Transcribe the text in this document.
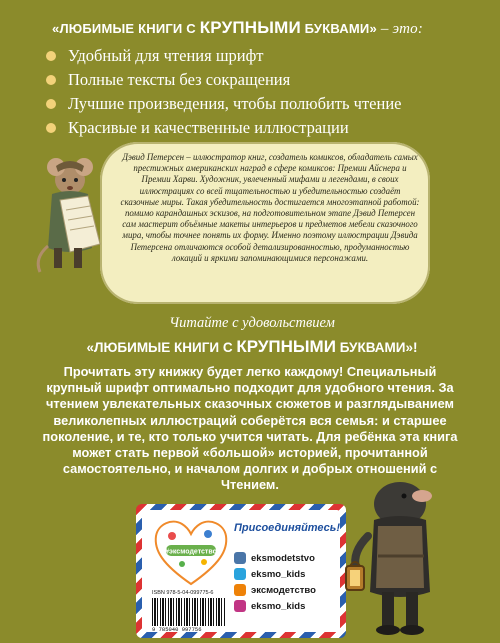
«ЛЮБИМЫЕ КНИГИ С КРУПНЫМИ БУКВАМИ» – это:
Удобный для чтения шрифт
Полные тексты без сокращения
Лучшие произведения, чтобы полюбить чтение
Красивые и качественные иллюстрации

Дэвид Петерсен – иллюстратор книг, создатель комиксов, обладатель самых престижных американских наград в сфере комиксов: Премии Айснера и Премии Харви. Художник, увлеченный мифами и легендами, в своих иллюстрациях со всей тщательностью и убедительностью создаёт сказочные миры. Такая убедительность достигается многоэтапной работой: помимо карандашных эскизов, на подготовительном этапе Дэвид Петерсен сам мастерит объёмные макеты интерьеров и предметов мебели сказочного мира, чтобы точнее понять их форму. Именно поэтому иллюстрации Дэвида Петерсена отличаются особой детализированностью, продуманностью локаций и яркими запоминающимися персонажами.

Читайте с удовольствием
«ЛЮБИМЫЕ КНИГИ С КРУПНЫМИ БУКВАМИ»!

Прочитать эту книжку будет легко каждому! Специальный крупный шрифт оптимально подходит для удобного чтения. За чтением увлекательных сказочных сюжетов и разглядыванием великолепных иллюстраций соберётся вся семья: и старшее поколение, и те, кто только учится читать. Для ребёнка эта книга может стать первой «большой» историей, прочитанной самостоятельно, и началом долгих и добрых отношений с Чтением.

#эксмодетство
Присоединяйтесь!
ISBN 978-5-04-099775-6
9 785040 997756
eksmodetstvo
eksmo_kids
эксмодетство
eksmo_kids
